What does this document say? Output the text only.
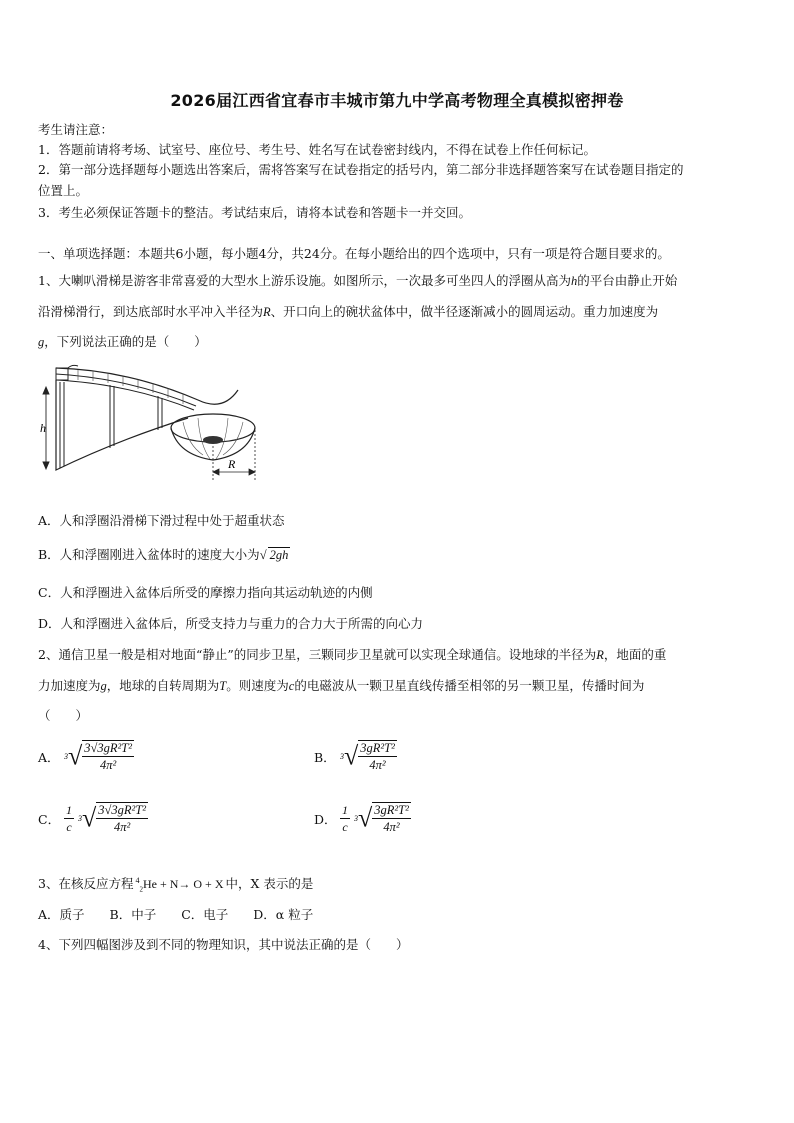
2026届江西省宜春市丰城市第九中学高考物理全真模拟密押卷
考生请注意：
1．答题前请将考场、试室号、座位号、考生号、姓名写在试卷密封线内，不得在试卷上作任何标记。
2．第一部分选择题每小题选出答案后，需将答案写在试卷指定的括号内，第二部分非选择题答案写在试卷题目指定的
位置上。
3．考生必须保证答题卡的整洁。考试结束后，请将本试卷和答题卡一并交回。
一、单项选择题：本题共6小题，每小题4分，共24分。在每小题给出的四个选项中，只有一项是符合题目要求的。
1、大喇叭滑梯是游客非常喜爱的大型水上游乐设施。如图所示，一次最多可坐四人的浮圈从高为h的平台由静止开始
沿滑梯滑行，到达底部时水平冲入半径为R、开口向上的碗状盆体中，做半径逐渐减小的圆周运动。重力加速度为
g，下列说法正确的是（　　）
h
R
A．人和浮圈沿滑梯下滑过程中处于超重状态
B．人和浮圈刚进入盆体时的速度大小为√ 2gh
C．人和浮圈进入盆体后所受的摩擦力指向其运动轨迹的内侧
D．人和浮圈进入盆体后，所受支持力与重力的合力大于所需的向心力
2、通信卫星一般是相对地面“静止”的同步卫星，三颗同步卫星就可以实现全球通信。设地球的半径为R，地面的重
力加速度为g，地球的自转周期为T。则速度为c的电磁波从一颗卫星直线传播至相邻的另一颗卫星，传播时间为
（　　）
A． $3√ \frac{\text{3√3gR²T²}}{\text{4π²}}$	B． $3√ \frac{\text{3gR²T²}}{\text{4π²}}$
C． $\frac{1}{c} 3√ \frac{\text{3√3gR²T²}}{\text{4π²}}$	D． $\frac{1}{c} 3√ \frac{\text{3gR²T²}}{\text{4π²}}$
3、在核反应方程 $^4_2$He + N→ O + X 中，X 表示的是
A．质子　　B．中子　　C．电子　　D．α 粒子
4、下列四幅图涉及到不同的物理知识，其中说法正确的是（　　）
